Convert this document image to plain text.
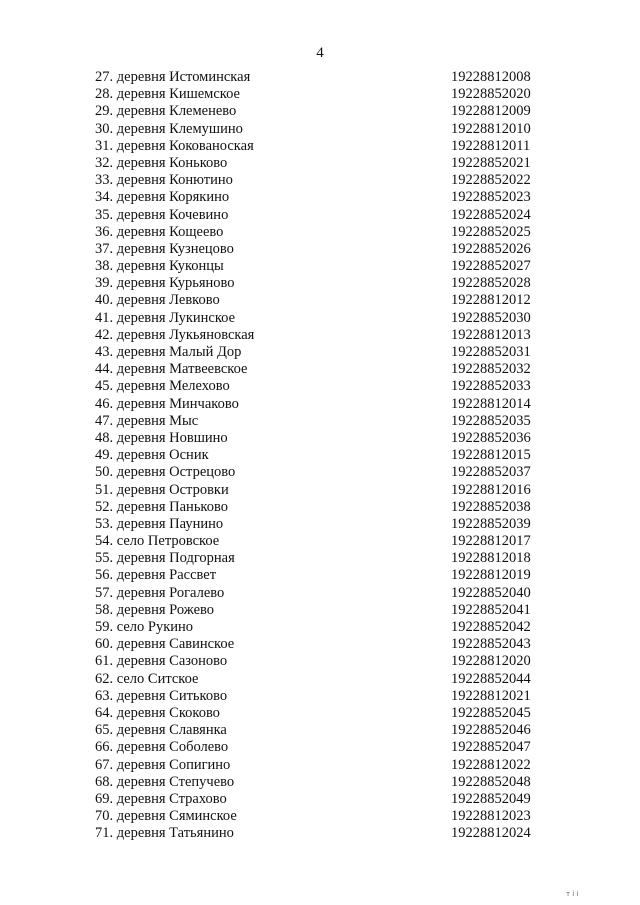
4
27. деревня Истоминская	19228812008
28. деревня Кишемское	19228852020
29. деревня Клеменево	19228812009
30. деревня Клемушино	19228812010
31. деревня Кокованоская	19228812011
32. деревня Коньково	19228852021
33. деревня Конютино	19228852022
34. деревня Корякино	19228852023
35. деревня Кочевино	19228852024
36. деревня Кощеево	19228852025
37. деревня Кузнецово	19228852026
38. деревня Куконцы	19228852027
39. деревня Курьяново	19228852028
40. деревня Левково	19228812012
41. деревня Лукинское	19228852030
42. деревня Лукьяновская	19228812013
43. деревня Малый Дор	19228852031
44. деревня Матвеевское	19228852032
45. деревня Мелехово	19228852033
46. деревня Минчаково	19228812014
47. деревня Мыс	19228852035
48. деревня Новшино	19228852036
49. деревня Осник	19228812015
50. деревня Острецово	19228852037
51. деревня Островки	19228812016
52. деревня Паньково	19228852038
53. деревня Паунино	19228852039
54. село Петровское	19228812017
55. деревня Подгорная	19228812018
56. деревня Рассвет	19228812019
57. деревня Рогалево	19228852040
58. деревня Рожево	19228852041
59. село Рукино	19228852042
60. деревня Савинское	19228852043
61. деревня Сазоново	19228812020
62. село Ситское	19228852044
63. деревня Ситьково	19228812021
64. деревня Скоково	19228852045
65. деревня Славянка	19228852046
66. деревня Соболево	19228852047
67. деревня Сопигино	19228812022
68. деревня Степучево	19228852048
69. деревня Страхово	19228852049
70. деревня Сяминское	19228812023
71. деревня Татьянино	19228812024
т і і
